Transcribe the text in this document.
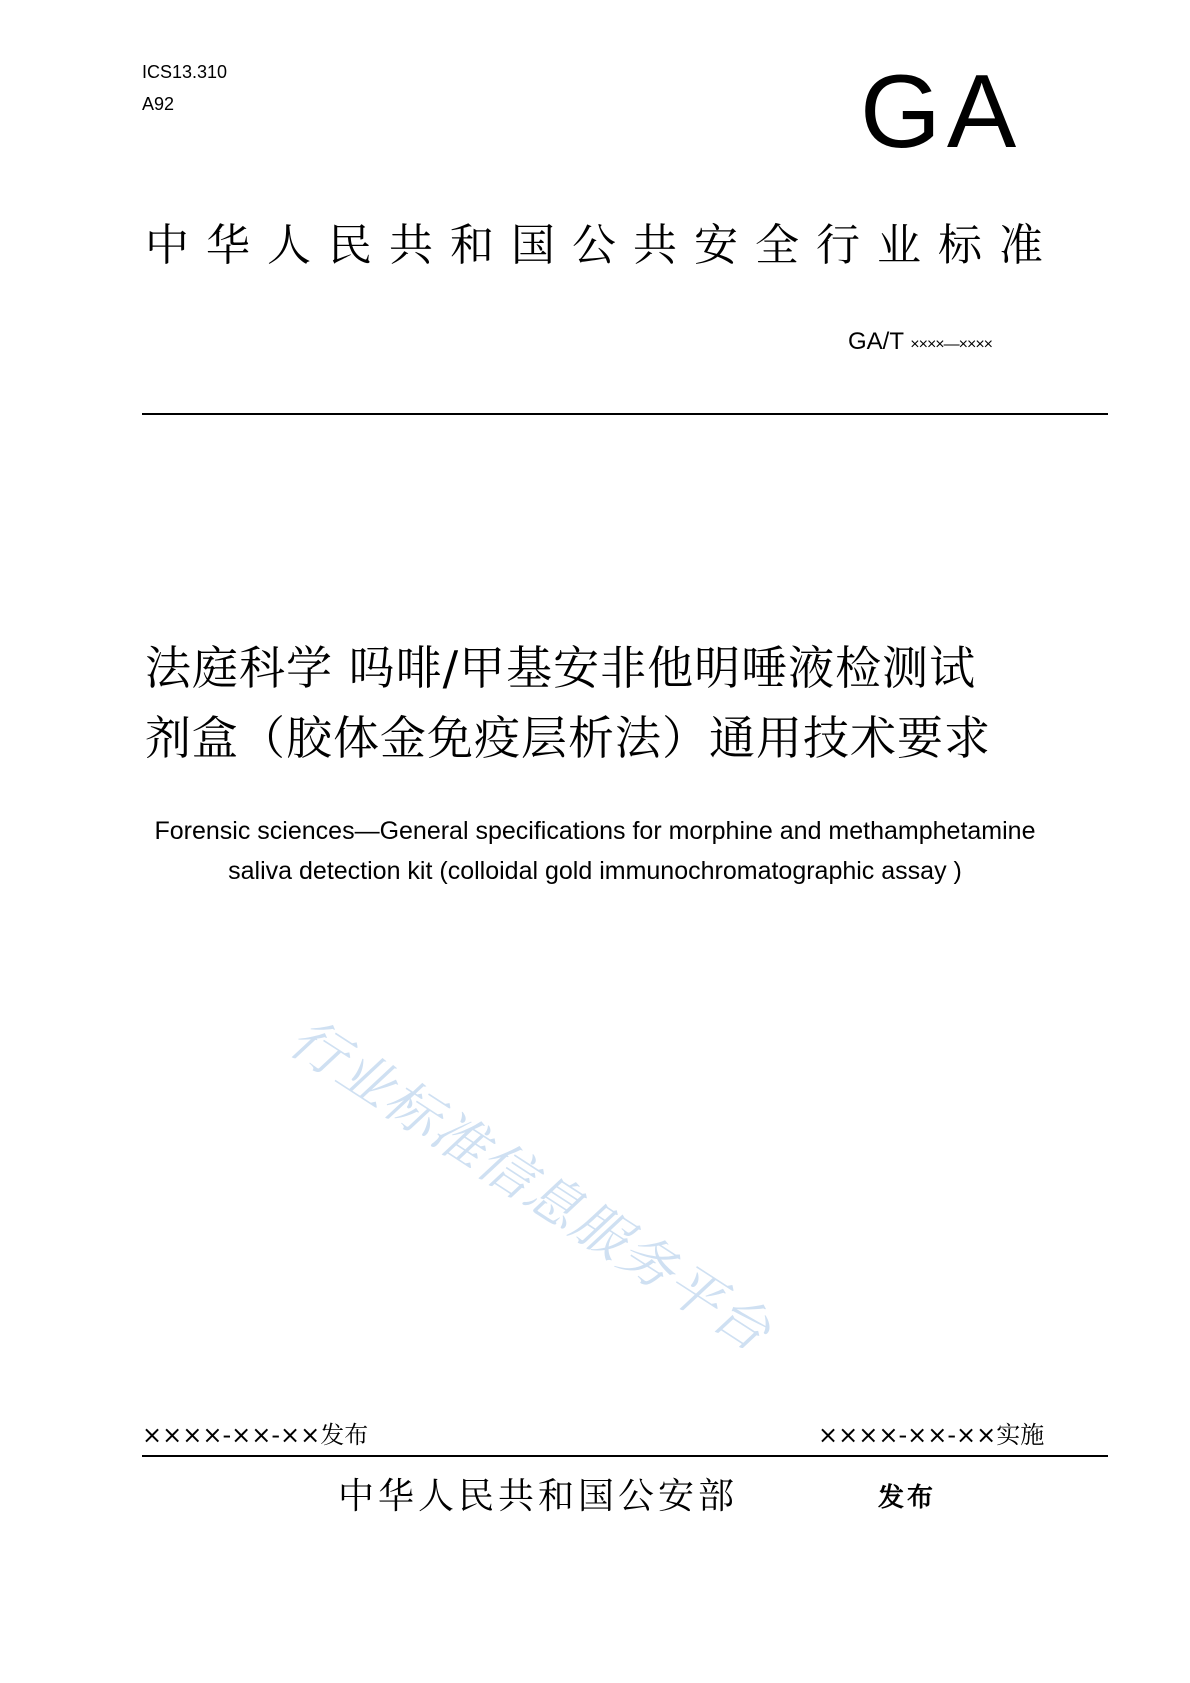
ICS13.310
A92	GA
中华人民共和国公共安全行业标准
GA/T ××××—××××
法庭科学 吗啡/甲基安非他明唾液检测试
剂盒（胶体金免疫层析法）通用技术要求
Forensic sciences—General specifications for morphine and methamphetamine
saliva detection kit (colloidal gold immunochromatographic assay )
行业标准信息服务平台
××××-××-××发布	××××-××-××实施
中华人民共和国公安部	发布
